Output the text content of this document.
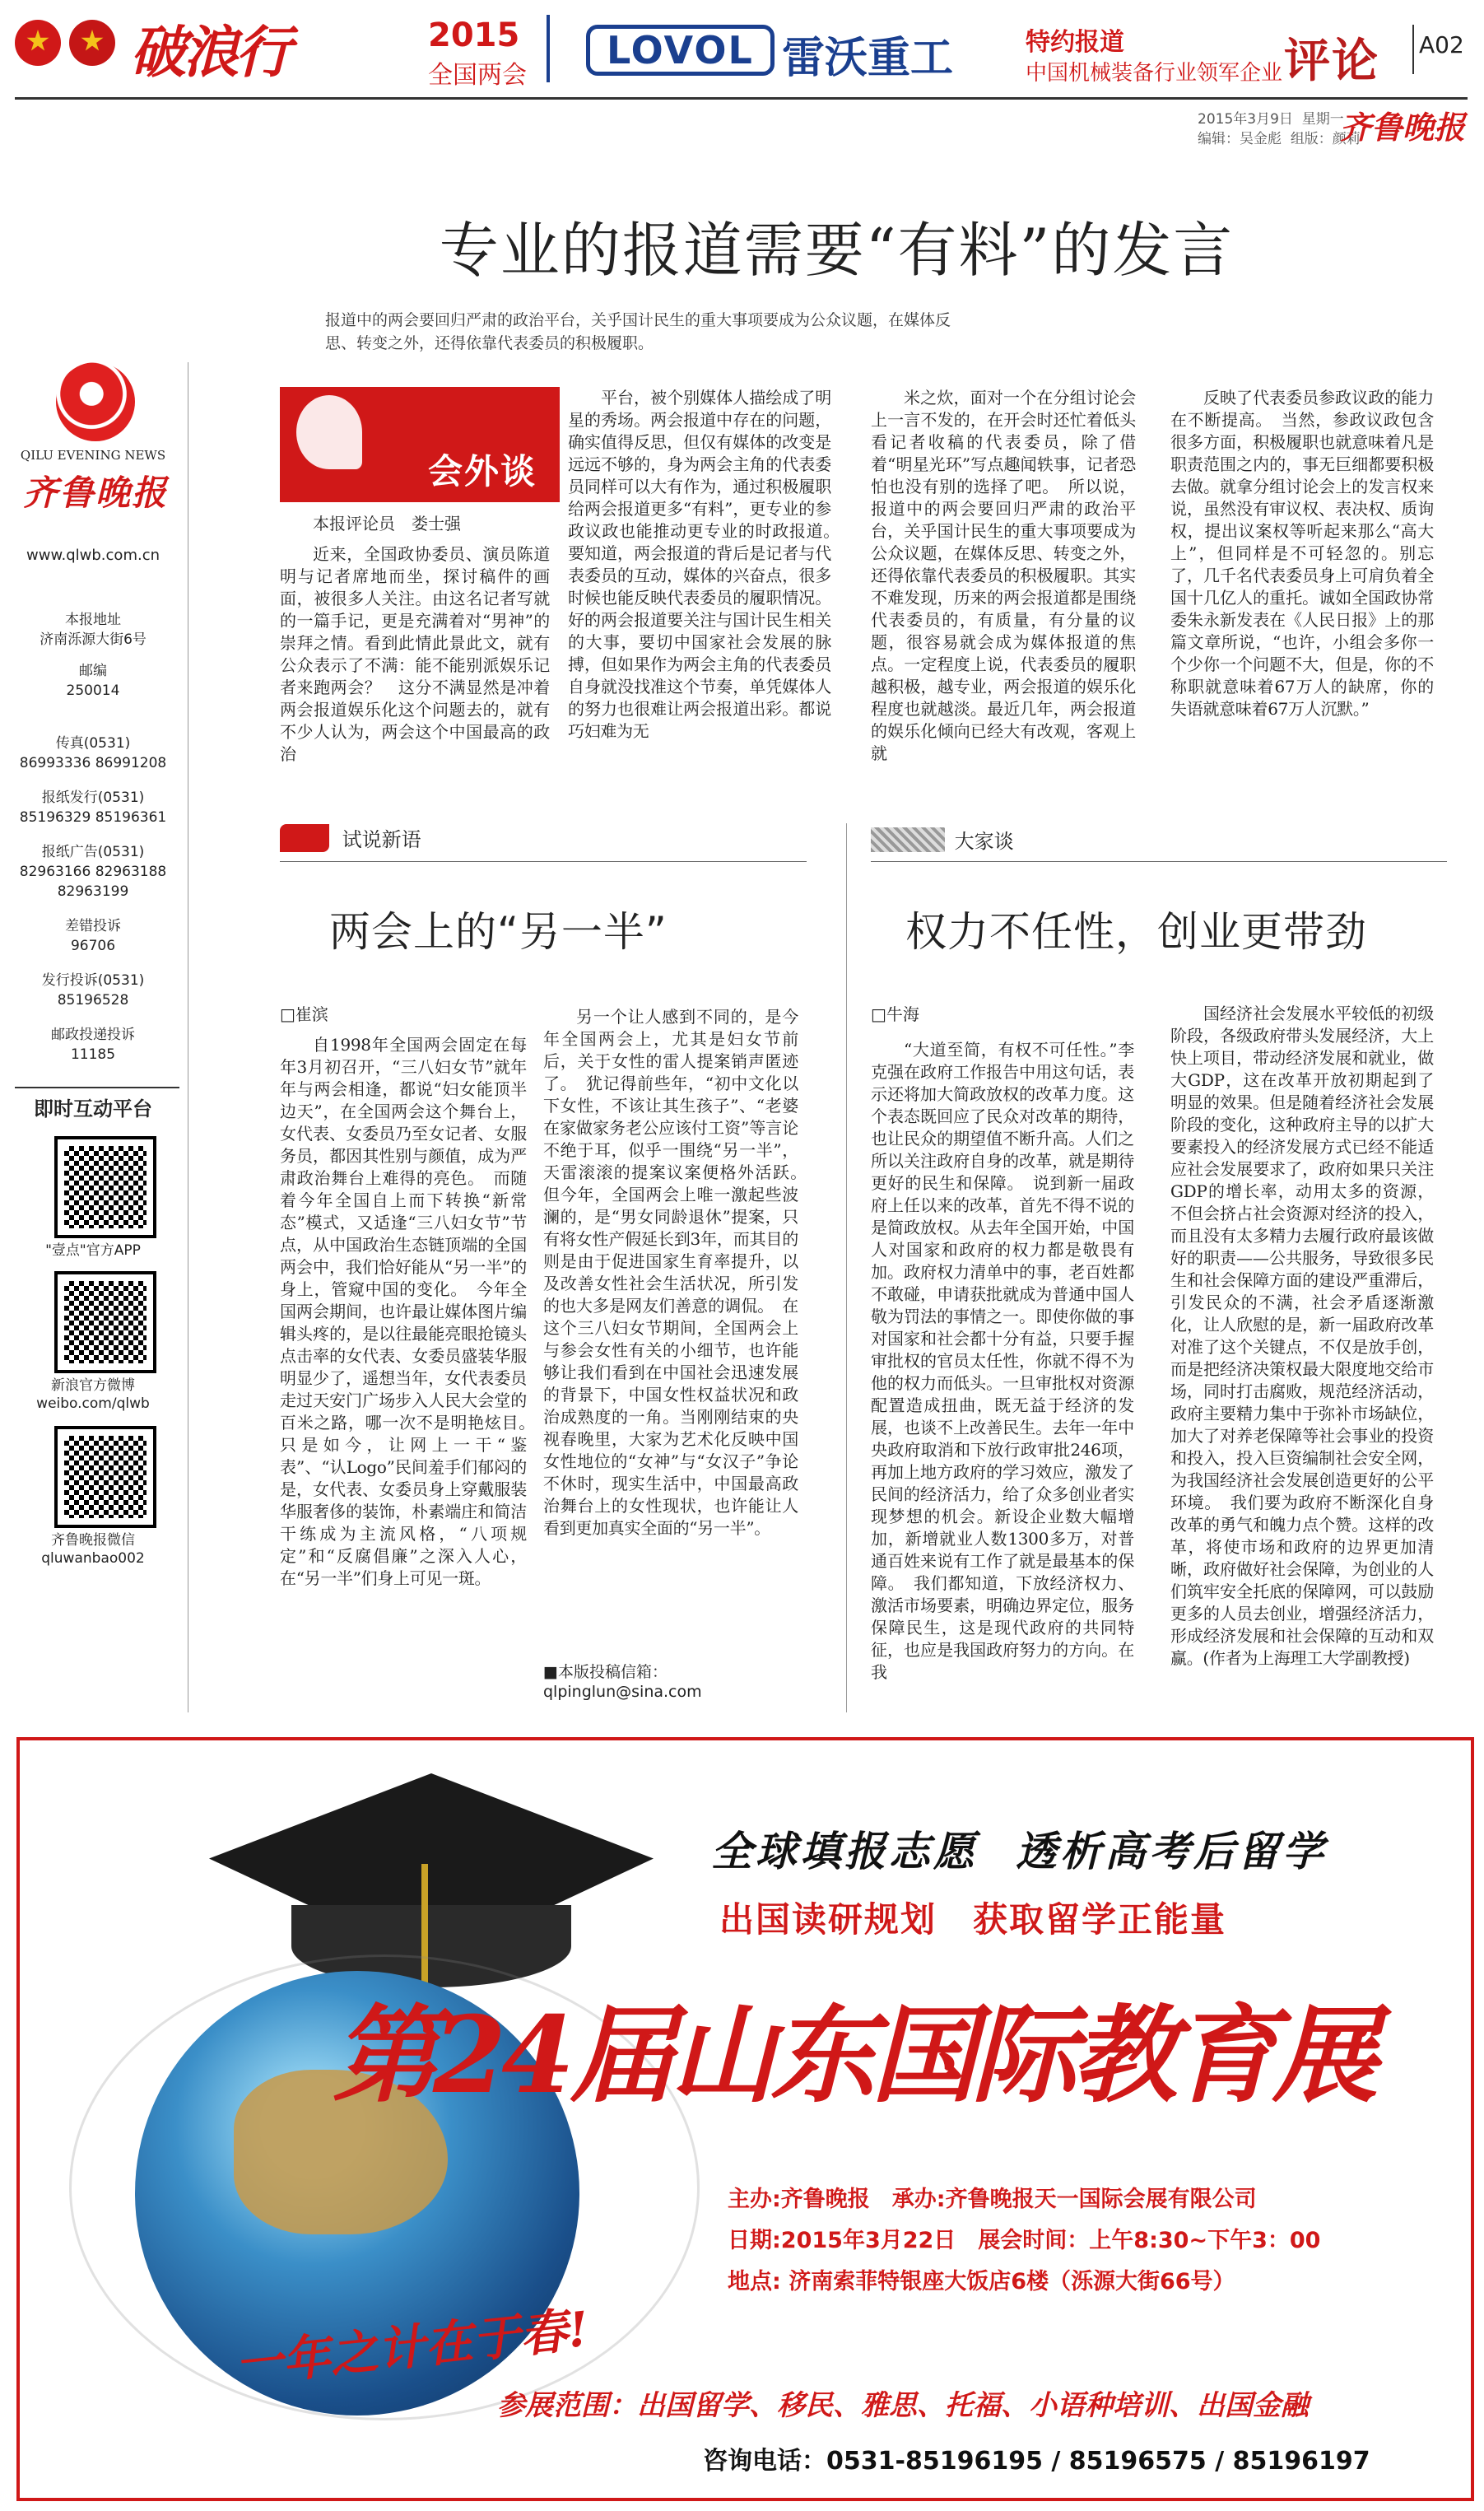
破浪行	2015
全国两会
LOVOL 雷沃重工	特约报道
中国机械装备行业领军企业 评论 A02
2015年3月9日 星期一
编辑：吴金彪 组版：颜莉
齐鲁晚报
QILU EVENING NEWS
齐鲁晚报
www.qlwb.com.cn
本报地址
济南泺源大街6号
邮编
250014
传真(0531)
86993336 86991208
报纸发行(0531)
85196329 85196361
报纸广告(0531)
82963166 82963188
82963199
差错投诉
96706
发行投诉(0531)
85196528
邮政投递投诉
11185
即时互动平台
"壹点"官方APP
新浪官方微博
weibo.com/qlwb
齐鲁晚报微信
qluwanbao002
专业的报道需要“有料”的发言
报道中的两会要回归严肃的政治平台，关乎国计民生的重大事项要成为公众议题，在媒体反
思、转变之外，还得依靠代表委员的积极履职。
会外谈
本报评论员　娄士强

近来，全国政协委员、演员陈道明与记者席地而坐，探讨稿件的画面，被很多人关注。由这名记者写就的一篇手记，更是充满着对“男神”的崇拜之情。看到此情此景此文，就有公众表示了不满：能不能别派娱乐记者来跑两会？　这分不满显然是冲着两会报道娱乐化这个问题去的，就有不少人认为，两会这个中国最高的政治

平台，被个别媒体人描绘成了明星的秀场。两会报道中存在的问题，确实值得反思，但仅有媒体的改变是远远不够的，身为两会主角的代表委员同样可以大有作为，通过积极履职给两会报道更多“有料”，更专业的参政议政也能推动更专业的时政报道。　要知道，两会报道的背后是记者与代表委员的互动，媒体的兴奋点，很多时候也能反映代表委员的履职情况。好的两会报道要关注与国计民生相关的大事，要切中国家社会发展的脉搏，但如果作为两会主角的代表委员自身就没找准这个节奏，单凭媒体人的努力也很难让两会报道出彩。都说巧妇难为无

米之炊，面对一个在分组讨论会上一言不发的，在开会时还忙着低头看记者收稿的代表委员，除了借着“明星光环”写点趣闻轶事，记者恐怕也没有别的选择了吧。　所以说，报道中的两会要回归严肃的政治平台，关乎国计民生的重大事项要成为公众议题，在媒体反思、转变之外，还得依靠代表委员的积极履职。其实不难发现，历来的两会报道都是围绕代表委员的，有质量，有分量的议题，很容易就会成为媒体报道的焦点。一定程度上说，代表委员的履职越积极，越专业，两会报道的娱乐化程度也就越淡。最近几年，两会报道的娱乐化倾向已经大有改观，客观上就

反映了代表委员参政议政的能力在不断提高。　当然，参政议政包含很多方面，积极履职也就意味着凡是职责范围之内的，事无巨细都要积极去做。就拿分组讨论会上的发言权来说，虽然没有审议权、表决权、质询权，提出议案权等听起来那么“高大上”，但同样是不可轻忽的。别忘了，几千名代表委员身上可肩负着全国十几亿人的重托。诚如全国政协常委朱永新发表在《人民日报》上的那篇文章所说，“也许，小组会多你一个少你一个问题不大，但是，你的不称职就意味着67万人的缺席，你的失语就意味着67万人沉默。”

试说新语
两会上的“另一半”
□崔滨

自1998年全国两会固定在每年3月初召开，“三八妇女节”就年年与两会相逢，都说“妇女能顶半边天”，在全国两会这个舞台上，女代表、女委员乃至女记者、女服务员，都因其性别与颜值，成为严肃政治舞台上难得的亮色。　而随着今年全国自上而下转换“新常态”模式，又适逢“三八妇女节”节点，从中国政治生态链顶端的全国两会中，我们恰好能从“另一半”的身上，管窥中国的变化。　今年全国两会期间，也许最让媒体图片编辑头疼的，是以往最能亮眼抢镜头点击率的女代表、女委员盛装华服明显少了，遥想当年，女代表委员走过天安门广场步入人民大会堂的百米之路，哪一次不是明艳炫目。　只是如今，让网上一干“鉴表”、“认Logo”民间羞手们郁闷的是，女代表、女委员身上穿戴服装华服奢侈的装饰，朴素端庄和简洁干练成为主流风格，“八项规定”和“反腐倡廉”之深入人心，在“另一半”们身上可见一斑。

另一个让人感到不同的，是今年全国两会上，尤其是妇女节前后，关于女性的雷人提案销声匿迹了。　犹记得前些年，“初中文化以下女性，不该让其生孩子”、“老婆在家做家务老公应该付工资”等言论不绝于耳，似乎一围绕“另一半”，天雷滚滚的提案议案便格外活跃。　但今年，全国两会上唯一激起些波澜的，是“男女同龄退休”提案，只有将女性产假延长到3年，而其目的则是由于促进国家生育率提升，以及改善女性社会生活状况，所引发的也大多是网友们善意的调侃。　在这个三八妇女节期间，全国两会上与参会女性有关的小细节，也许能够让我们看到在中国社会迅速发展的背景下，中国女性权益状况和政治成熟度的一角。当刚刚结束的央视春晚里，大家为艺术化反映中国女性地位的“女神”与“女汉子”争论不休时，现实生活中，中国最高政治舞台上的女性现状，也许能让人看到更加真实全面的“另一半”。

■本版投稿信箱：
qlpinglun@sina.com
大家谈
权力不任性，创业更带劲
□牛海

“大道至简，有权不可任性。”李克强在政府工作报告中用这句话，表示还将加大简政放权的改革力度。这个表态既回应了民众对改革的期待，也让民众的期望值不断升高。人们之所以关注政府自身的改革，就是期待更好的民生和保障。　说到新一届政府上任以来的改革，首先不得不说的是简政放权。从去年全国开始，中国人对国家和政府的权力都是敬畏有加。政府权力清单中的事，老百姓都不敢碰，申请获批就成为普通中国人敬为罚法的事情之一。即使你做的事对国家和社会都十分有益，只要手握审批权的官员太任性，你就不得不为他的权力而低头。一旦审批权对资源配置造成扭曲，既无益于经济的发展，也谈不上改善民生。去年一年中央政府取消和下放行政审批246项，再加上地方政府的学习效应，激发了民间的经济活力，给了众多创业者实现梦想的机会。新设企业数大幅增加，新增就业人数1300多万，对普通百姓来说有工作了就是最基本的保障。　我们都知道，下放经济权力、激活市场要素，明确边界定位，服务保障民生，这是现代政府的共同特征，也应是我国政府努力的方向。在我

国经济社会发展水平较低的初级阶段，各级政府带头发展经济，大上快上项目，带动经济发展和就业，做大GDP，这在改革开放初期起到了明显的效果。但是随着经济社会发展阶段的变化，这种政府主导的以扩大要素投入的经济发展方式已经不能适应社会发展要求了，政府如果只关注GDP的增长率，动用太多的资源，不但会挤占社会资源对经济的投入，而且没有太多精力去履行政府最该做好的职责——公共服务，导致很多民生和社会保障方面的建设严重滞后，引发民众的不满，社会矛盾逐渐激化，让人欣慰的是，新一届政府改革对准了这个关键点，不仅是放手创，而是把经济决策权最大限度地交给市场，同时打击腐败，规范经济活动，政府主要精力集中于弥补市场缺位，加大了对养老保障等社会事业的投资和投入，投入巨资编制社会安全网，为我国经济社会发展创造更好的公平环境。　我们要为政府不断深化自身改革的勇气和魄力点个赞。这样的改革，将使市场和政府的边界更加清晰，政府做好社会保障，为创业的人们筑牢安全托底的保障网，可以鼓励更多的人员去创业，增强经济活力，形成经济发展和社会保障的互动和双赢。(作者为上海理工大学副教授)

全球填报志愿 透析高考后留学
出国读研规划　获取留学正能量
第24届山东国际教育展
主办:齐鲁晚报　承办:齐鲁晚报天一国际会展有限公司
日期:2015年3月22日　展会时间：上午8:30~下午3：00
地点: 济南索菲特银座大饭店6楼（泺源大街66号）
一年之计在于春!
参展范围：出国留学、移民、雅思、托福、小语种培训、出国金融
咨询电话：0531-85196195 / 85196575 / 85196197
